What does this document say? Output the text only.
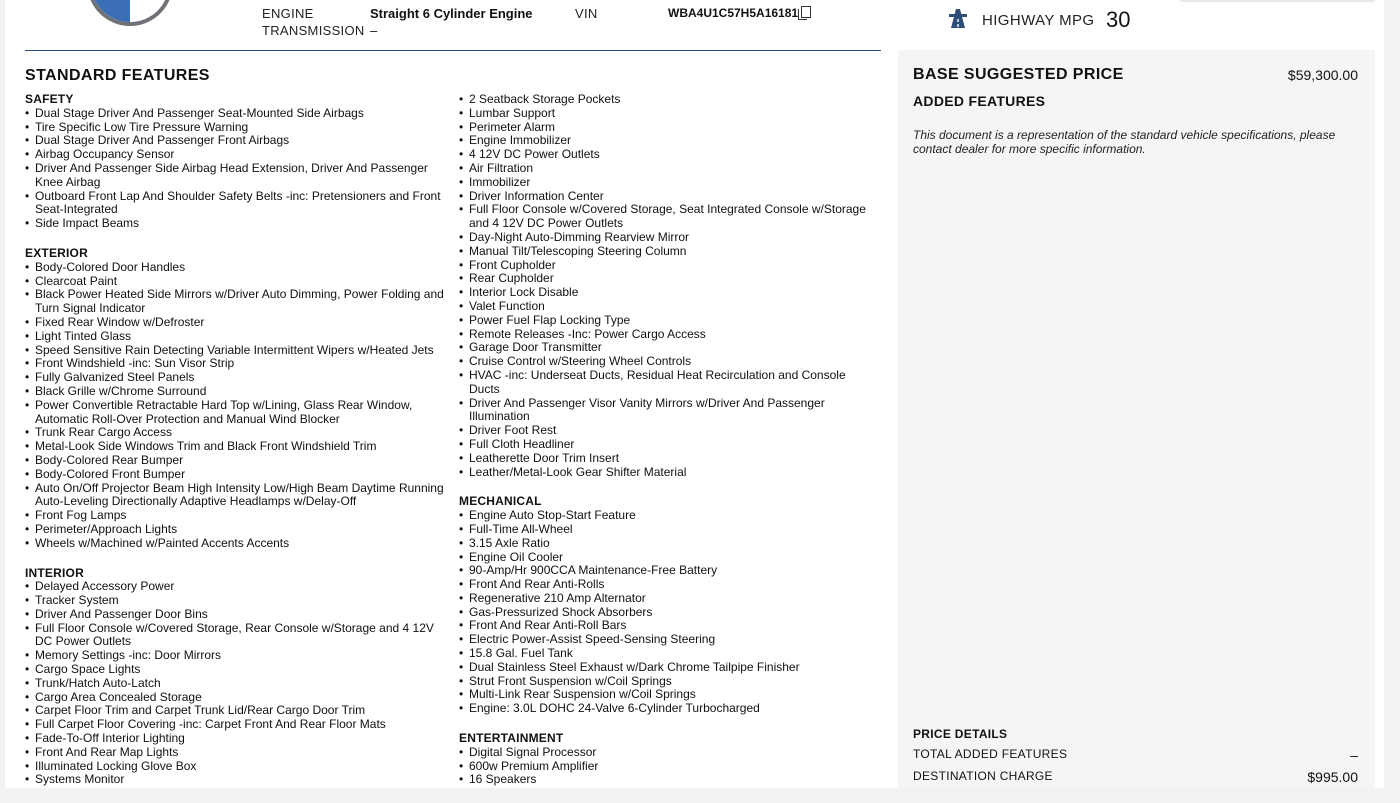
ENGINE	Straight 6 Cylinder Engine
TRANSMISSION –
VIN	WBA4U1C57H5A16181	HIGHWAY MPG 30
STANDARD FEATURES
SAFETY
• Dual Stage Driver And Passenger Seat-Mounted Side Airbags
• Tire Specific Low Tire Pressure Warning
• Dual Stage Driver And Passenger Front Airbags
• Airbag Occupancy Sensor
• Driver And Passenger Side Airbag Head Extension, Driver And Passenger Knee Airbag
• Outboard Front Lap And Shoulder Safety Belts -inc: Pretensioners and Front Seat-Integrated
• Side Impact Beams
EXTERIOR
• Body-Colored Door Handles
• Clearcoat Paint
• Black Power Heated Side Mirrors w/Driver Auto Dimming, Power Folding and Turn Signal Indicator
• Fixed Rear Window w/Defroster
• Light Tinted Glass
• Speed Sensitive Rain Detecting Variable Intermittent Wipers w/Heated Jets
• Front Windshield -inc: Sun Visor Strip
• Fully Galvanized Steel Panels
• Black Grille w/Chrome Surround
• Power Convertible Retractable Hard Top w/Lining, Glass Rear Window, Automatic Roll-Over Protection and Manual Wind Blocker
• Trunk Rear Cargo Access
• Metal-Look Side Windows Trim and Black Front Windshield Trim
• Body-Colored Rear Bumper
• Body-Colored Front Bumper
• Auto On/Off Projector Beam High Intensity Low/High Beam Daytime Running Auto-Leveling Directionally Adaptive Headlamps w/Delay-Off
• Front Fog Lamps
• Perimeter/Approach Lights
• Wheels w/Machined w/Painted Accents Accents
INTERIOR
• Delayed Accessory Power
• Tracker System
• Driver And Passenger Door Bins
• Full Floor Console w/Covered Storage, Rear Console w/Storage and 4 12V DC Power Outlets
• Memory Settings -inc: Door Mirrors
• Cargo Space Lights
• Trunk/Hatch Auto-Latch
• Cargo Area Concealed Storage
• Carpet Floor Trim and Carpet Trunk Lid/Rear Cargo Door Trim
• Full Carpet Floor Covering -inc: Carpet Front And Rear Floor Mats
• Fade-To-Off Interior Lighting
• Front And Rear Map Lights
• Illuminated Locking Glove Box
• Systems Monitor
• 2 Seatback Storage Pockets
• Lumbar Support
• Perimeter Alarm
• Engine Immobilizer
• 4 12V DC Power Outlets
• Air Filtration
• Immobilizer
• Driver Information Center
• Full Floor Console w/Covered Storage, Seat Integrated Console w/Storage and 4 12V DC Power Outlets
• Day-Night Auto-Dimming Rearview Mirror
• Manual Tilt/Telescoping Steering Column
• Front Cupholder
• Rear Cupholder
• Interior Lock Disable
• Valet Function
• Power Fuel Flap Locking Type
• Remote Releases -Inc: Power Cargo Access
• Garage Door Transmitter
• Cruise Control w/Steering Wheel Controls
• HVAC -inc: Underseat Ducts, Residual Heat Recirculation and Console Ducts
• Driver And Passenger Visor Vanity Mirrors w/Driver And Passenger Illumination
• Driver Foot Rest
• Full Cloth Headliner
• Leatherette Door Trim Insert
• Leather/Metal-Look Gear Shifter Material
MECHANICAL
• Engine Auto Stop-Start Feature
• Full-Time All-Wheel
• 3.15 Axle Ratio
• Engine Oil Cooler
• 90-Amp/Hr 900CCA Maintenance-Free Battery
• Front And Rear Anti-Rolls
• Regenerative 210 Amp Alternator
• Gas-Pressurized Shock Absorbers
• Front And Rear Anti-Roll Bars
• Electric Power-Assist Speed-Sensing Steering
• 15.8 Gal. Fuel Tank
• Dual Stainless Steel Exhaust w/Dark Chrome Tailpipe Finisher
• Strut Front Suspension w/Coil Springs
• Multi-Link Rear Suspension w/Coil Springs
• Engine: 3.0L DOHC 24-Valve 6-Cylinder Turbocharged
ENTERTAINMENT
• Digital Signal Processor
• 600w Premium Amplifier
• 16 Speakers
BASE SUGGESTED PRICE	$59,300.00
ADDED FEATURES
This document is a representation of the standard vehicle specifications, please contact dealer for more specific information.
PRICE DETAILS
TOTAL ADDED FEATURES	–
DESTINATION CHARGE	$995.00
